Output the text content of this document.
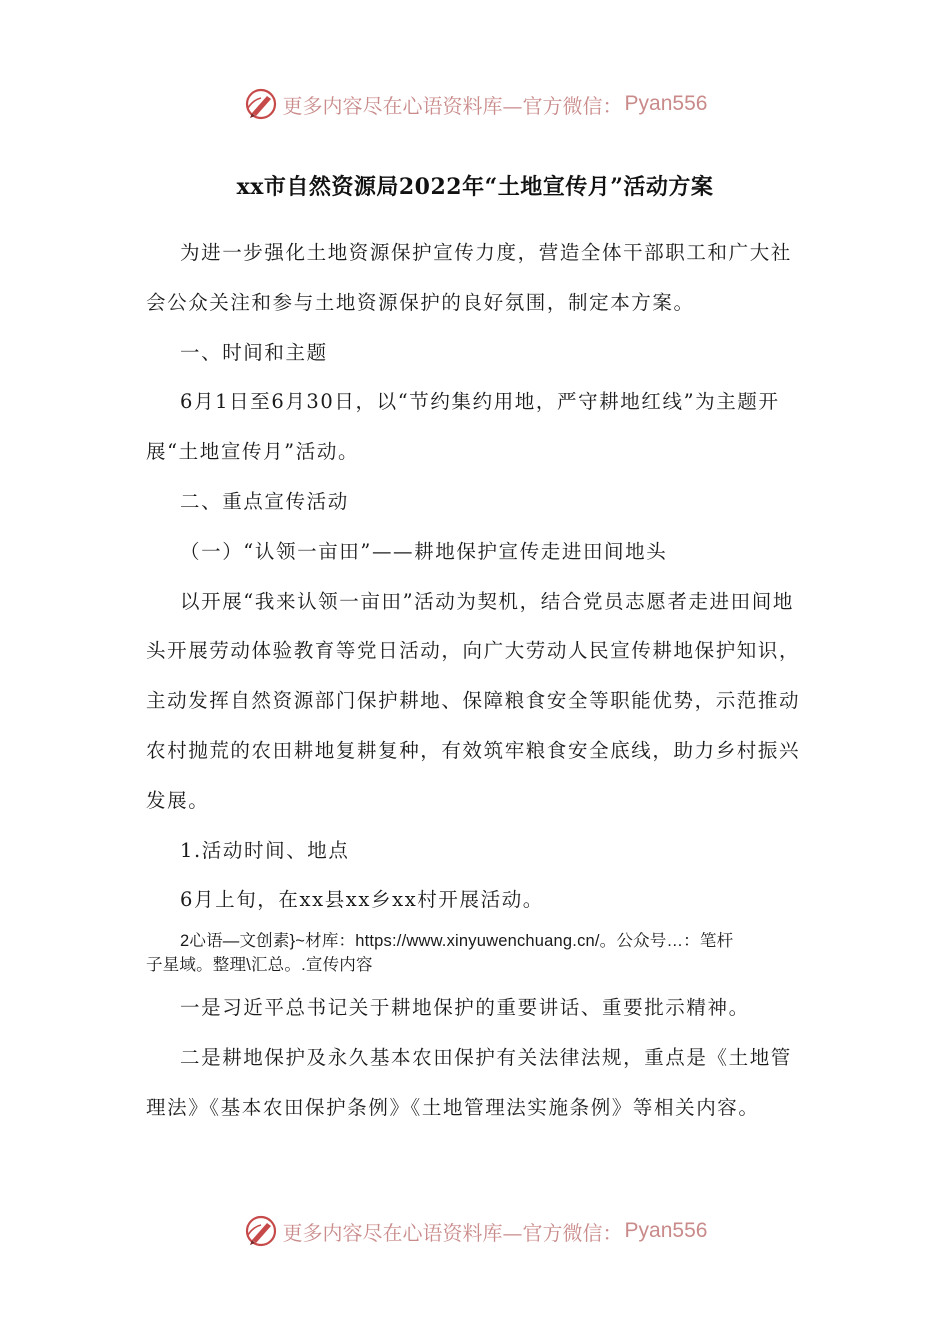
更多内容尽在心语资料库—官方微信： Pyan556
xx市自然资源局2022年“土地宣传月”活动方案

为进一步强化土地资源保护宣传力度，营造全体干部职工和广大社会公众关注和参与土地资源保护的良好氛围，制定本方案。

一、时间和主题

6月1日至6月30日，以“节约集约用地，严守耕地红线”为主题开展“土地宣传月”活动。

二、重点宣传活动

（一）“认领一亩田”——耕地保护宣传走进田间地头

以开展“我来认领一亩田”活动为契机，结合党员志愿者走进田间地头开展劳动体验教育等党日活动，向广大劳动人民宣传耕地保护知识，主动发挥自然资源部门保护耕地、保障粮食安全等职能优势，示范推动农村抛荒的农田耕地复耕复种，有效筑牢粮食安全底线，助力乡村振兴发展。

1.活动时间、地点

6月上旬，在xx县xx乡xx村开展活动。

2心语—文创素}~材库：https://www.xinyuwenchuang.cn/。公众号…：笔杆
子星域。整理\汇总。.宣传内容

一是习近平总书记关于耕地保护的重要讲话、重要批示精神。

二是耕地保护及永久基本农田保护有关法律法规，重点是《土地管理法》《基本农田保护条例》《土地管理法实施条例》等相关内容。

更多内容尽在心语资料库—官方微信： Pyan556
